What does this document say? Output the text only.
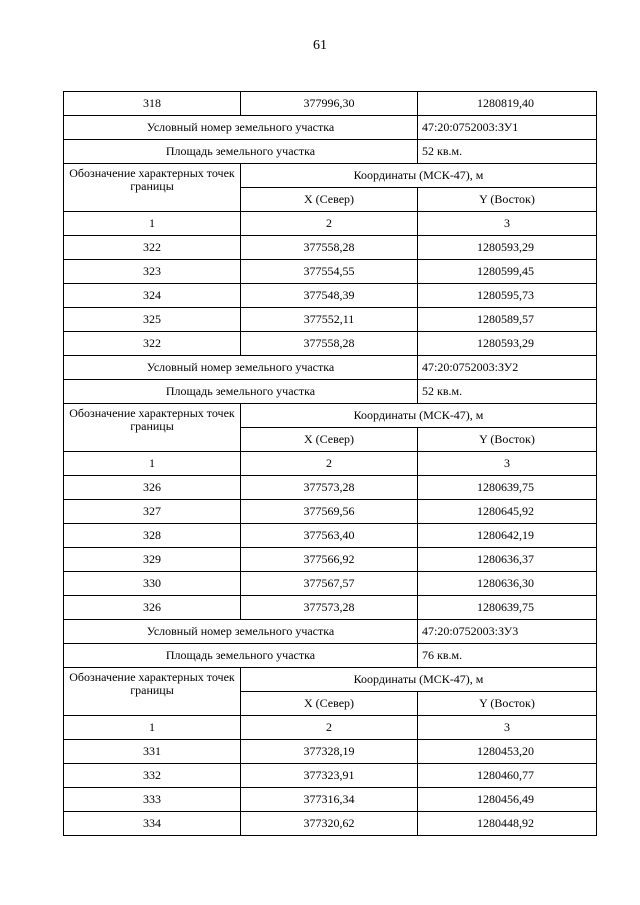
61
318	377996,30	1280819,40
Условный номер земельного участка		47:20:0752003:ЗУ1
Площадь земельного участка		52 кв.м.
Обозначение характерных точек границы	Координаты (МСК-47), м	
	X (Север)	Y (Восток)
1	2	3
322	377558,28	1280593,29
323	377554,55	1280599,45
324	377548,39	1280595,73
325	377552,11	1280589,57
322	377558,28	1280593,29
Условный номер земельного участка		47:20:0752003:ЗУ2
Площадь земельного участка		52 кв.м.
Обозначение характерных точек границы	Координаты (МСК-47), м	
	X (Север)	Y (Восток)
1	2	3
326	377573,28	1280639,75
327	377569,56	1280645,92
328	377563,40	1280642,19
329	377566,92	1280636,37
330	377567,57	1280636,30
326	377573,28	1280639,75
Условный номер земельного участка		47:20:0752003:ЗУ3
Площадь земельного участка		76 кв.м.
Обозначение характерных точек границы	Координаты (МСК-47), м	
	X (Север)	Y (Восток)
1	2	3
331	377328,19	1280453,20
332	377323,91	1280460,77
333	377316,34	1280456,49
334	377320,62	1280448,92
